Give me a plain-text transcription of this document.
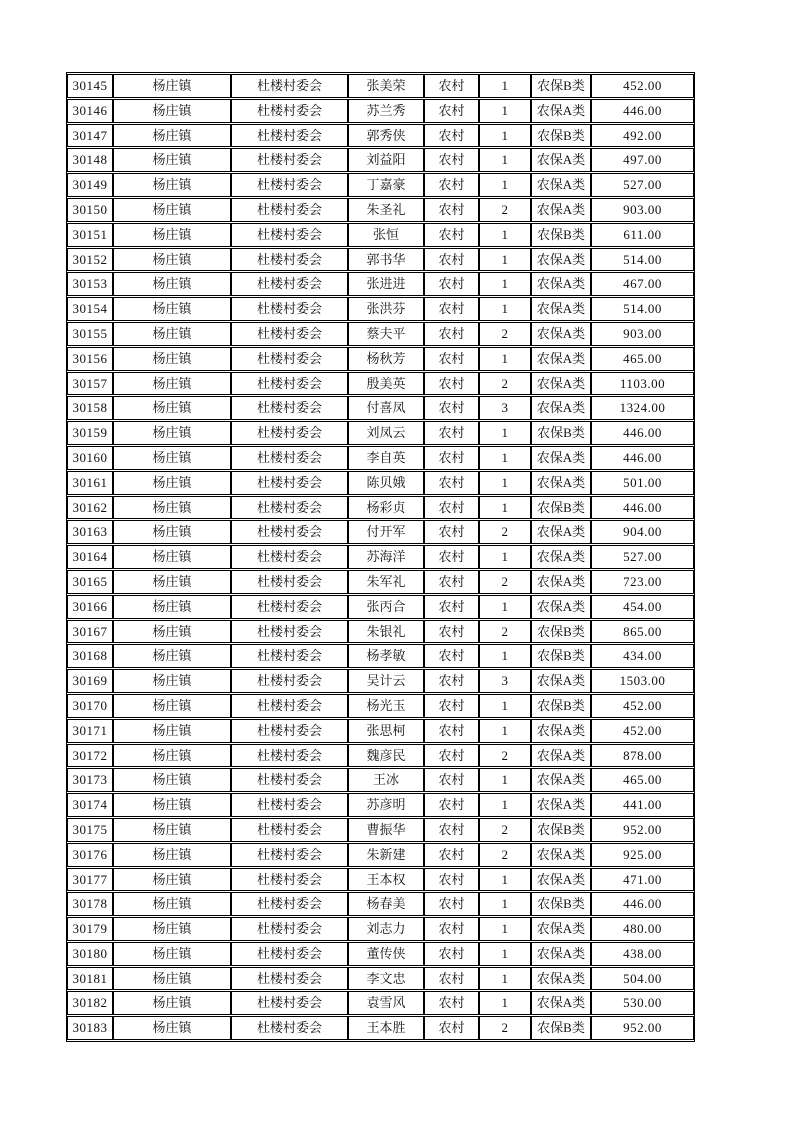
30145	杨庄镇	杜楼村委会	张美荣	农村	1	农保B类	452.00
30146	杨庄镇	杜楼村委会	苏兰秀	农村	1	农保A类	446.00
30147	杨庄镇	杜楼村委会	郭秀侠	农村	1	农保B类	492.00
30148	杨庄镇	杜楼村委会	刘益阳	农村	1	农保A类	497.00
30149	杨庄镇	杜楼村委会	丁嘉豪	农村	1	农保A类	527.00
30150	杨庄镇	杜楼村委会	朱圣礼	农村	2	农保A类	903.00
30151	杨庄镇	杜楼村委会	张恒	农村	1	农保B类	611.00
30152	杨庄镇	杜楼村委会	郭书华	农村	1	农保A类	514.00
30153	杨庄镇	杜楼村委会	张进进	农村	1	农保A类	467.00
30154	杨庄镇	杜楼村委会	张洪芬	农村	1	农保A类	514.00
30155	杨庄镇	杜楼村委会	蔡夫平	农村	2	农保A类	903.00
30156	杨庄镇	杜楼村委会	杨秋芳	农村	1	农保A类	465.00
30157	杨庄镇	杜楼村委会	殷美英	农村	2	农保A类	1103.00
30158	杨庄镇	杜楼村委会	付喜凤	农村	3	农保A类	1324.00
30159	杨庄镇	杜楼村委会	刘凤云	农村	1	农保B类	446.00
30160	杨庄镇	杜楼村委会	李自英	农村	1	农保A类	446.00
30161	杨庄镇	杜楼村委会	陈贝娥	农村	1	农保A类	501.00
30162	杨庄镇	杜楼村委会	杨彩贞	农村	1	农保B类	446.00
30163	杨庄镇	杜楼村委会	付开军	农村	2	农保A类	904.00
30164	杨庄镇	杜楼村委会	苏海洋	农村	1	农保A类	527.00
30165	杨庄镇	杜楼村委会	朱军礼	农村	2	农保A类	723.00
30166	杨庄镇	杜楼村委会	张丙合	农村	1	农保A类	454.00
30167	杨庄镇	杜楼村委会	朱银礼	农村	2	农保B类	865.00
30168	杨庄镇	杜楼村委会	杨孝敏	农村	1	农保B类	434.00
30169	杨庄镇	杜楼村委会	吴计云	农村	3	农保A类	1503.00
30170	杨庄镇	杜楼村委会	杨光玉	农村	1	农保B类	452.00
30171	杨庄镇	杜楼村委会	张思柯	农村	1	农保A类	452.00
30172	杨庄镇	杜楼村委会	魏彦民	农村	2	农保A类	878.00
30173	杨庄镇	杜楼村委会	王冰	农村	1	农保A类	465.00
30174	杨庄镇	杜楼村委会	苏彦明	农村	1	农保A类	441.00
30175	杨庄镇	杜楼村委会	曹振华	农村	2	农保B类	952.00
30176	杨庄镇	杜楼村委会	朱新建	农村	2	农保A类	925.00
30177	杨庄镇	杜楼村委会	王本权	农村	1	农保A类	471.00
30178	杨庄镇	杜楼村委会	杨春美	农村	1	农保B类	446.00
30179	杨庄镇	杜楼村委会	刘志力	农村	1	农保A类	480.00
30180	杨庄镇	杜楼村委会	董传侠	农村	1	农保A类	438.00
30181	杨庄镇	杜楼村委会	李文忠	农村	1	农保A类	504.00
30182	杨庄镇	杜楼村委会	袁雪风	农村	1	农保A类	530.00
30183	杨庄镇	杜楼村委会	王本胜	农村	2	农保B类	952.00
